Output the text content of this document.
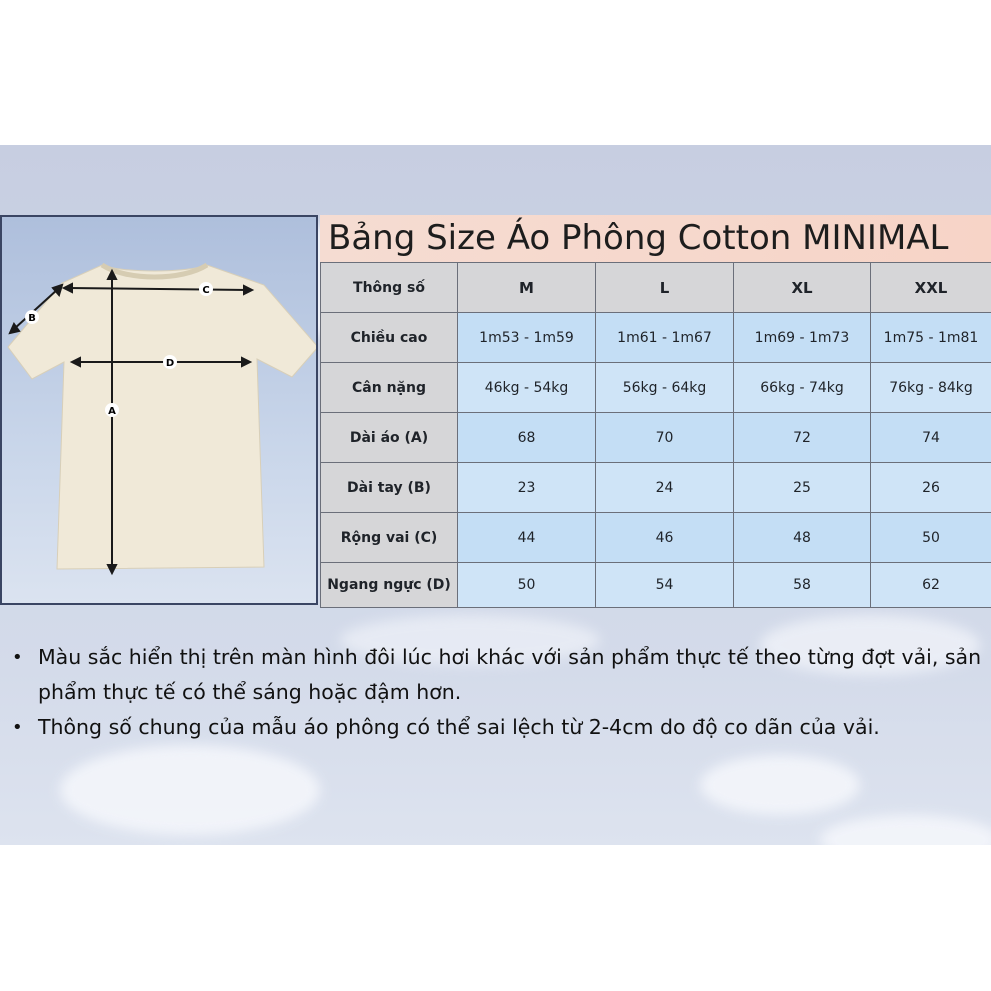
C
B
D
A
Bảng Size Áo Phông Cotton MINIMAL
Thông số	M	L	XL	XXL
Chiều cao	1m53 - 1m59	1m61 - 1m67	1m69 - 1m73	1m75 - 1m81
Cân nặng	46kg - 54kg	56kg - 64kg	66kg - 74kg	76kg - 84kg
Dài áo (A)	68	70	72	74
Dài tay (B)	23	24	25	26
Rộng vai (C)	44	46	48	50
Ngang ngực (D)	50	54	58	62
• Màu sắc hiển thị trên màn hình đôi lúc hơi khác với sản phẩm thực tế theo từng đợt vải, sản phẩm thực tế có thể sáng hoặc đậm hơn.
• Thông số chung của mẫu áo phông có thể sai lệch từ 2-4cm do độ co dãn của vải.
